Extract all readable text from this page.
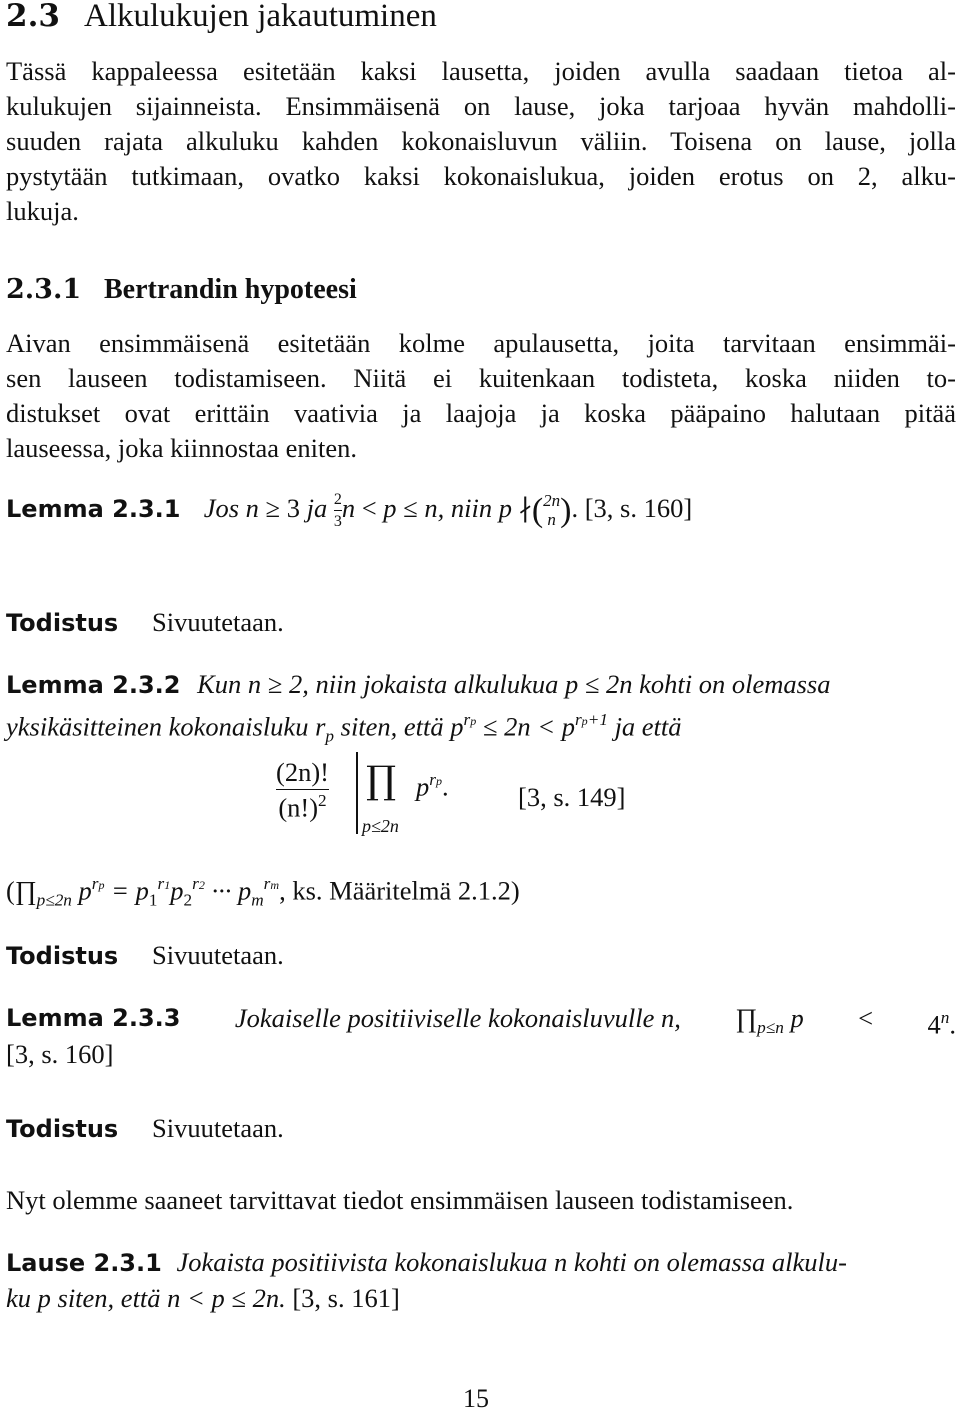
2.3 Alkulukujen jakautuminen
Tässä kappaleessa esitetään kaksi lausetta, joiden avulla saadaan tietoa al-
kulukujen sijainneista. Ensimmäisenä on lause, joka tarjoaa hyvän mahdolli-
suuden rajata alkuluku kahden kokonaisluvun väliin. Toisena on lause, jolla
pystytään tutkimaan, ovatko kaksi kokonaislukua, joiden erotus on 2, alku-
lukuja.
2.3.1 Bertrandin hypoteesi
Aivan ensimmäisenä esitetään kolme apulausetta, joita tarvitaan ensimmäi-
sen lauseen todistamiseen. Niitä ei kuitenkaan todisteta, koska niiden to-
distukset ovat erittäin vaativia ja laajoja ja koska pääpaino halutaan pitää
lauseessa, joka kiinnostaa eniten.
Lemma 2.3.1 Jos n ≥ 3 ja $\frac{2}{3}$ n < p ≤ n, niin p ∤( 2n
n ). [3, s. 160]
Todistus Sivuutetaan.
Lemma 2.3.2 Kun n ≥ 2, niin jokaista alkulukua p ≤ 2n kohti on olemassa
yksikäsitteinen kokonaisluku $r_p$ siten, että $p^{rp} \le 2n < p^{rp+1}$ ja että
$\frac{(2n)!}{(n!)^2}$ ∏
p≤2n
$p^{rp}$.	[3, s. 149]
($\prod_{p\le 2n}$ $p^{rp} = p_1^{r1}p_2^{r2}$ ··· $p_m^{rm}$, ks. Määritelmä 2.1.2)
Todistus Sivuutetaan.
Lemma 2.3.3 Jokaiselle positiiviselle kokonaisluvulle n, $\prod_{p\le n}$ $p < 4^n$.
[3, s. 160]
Todistus Sivuutetaan.
Nyt olemme saaneet tarvittavat tiedot ensimmäisen lauseen todistamiseen.
Lause 2.3.1 Jokaista positiivista kokonaislukua n kohti on olemassa alkulu-
ku p siten, että n < p ≤ 2n. [3, s. 161]
15
